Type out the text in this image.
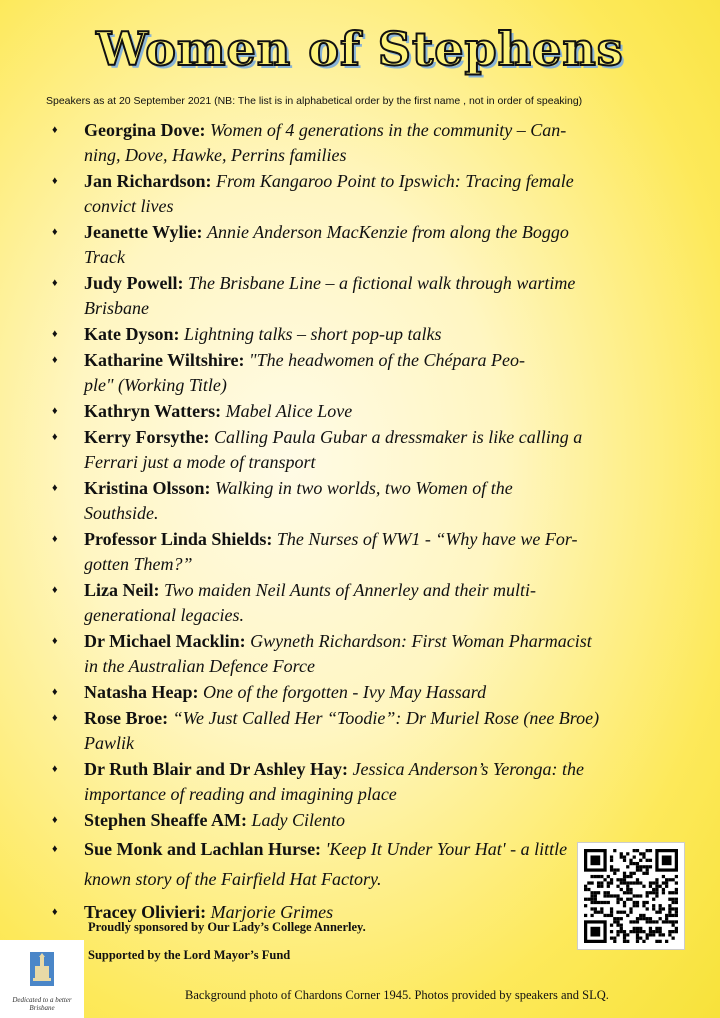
Women of Stephens
Speakers as at 20 September 2021 (NB: The list is in alphabetical order by the first name , not in order of speaking)
♦ Georgina Dove: Women of 4 generations in the community – Can-
ning, Dove, Hawke, Perrins families
♦ Jan Richardson: From Kangaroo Point to Ipswich: Tracing female
convict lives
♦ Jeanette Wylie: Annie Anderson MacKenzie from along the Boggo
Track
♦ Judy Powell: The Brisbane Line – a fictional walk through wartime
Brisbane
♦ Kate Dyson: Lightning talks – short pop-up talks
♦ Katharine Wiltshire: "The headwomen of the Chépara Peo-
ple" (Working Title)
♦ Kathryn Watters: Mabel Alice Love
♦ Kerry Forsythe: Calling Paula Gubar a dressmaker is like calling a
Ferrari just a mode of transport
♦ Kristina Olsson: Walking in two worlds, two Women of the
Southside.
♦ Professor Linda Shields: The Nurses of WW1 - “Why have we For-
gotten Them?”
♦ Liza Neil: Two maiden Neil Aunts of Annerley and their multi-
generational legacies.
♦ Dr Michael Macklin: Gwyneth Richardson: First Woman Pharmacist
in the Australian Defence Force
♦ Natasha Heap: One of the forgotten - Ivy May Hassard
♦ Rose Broe: “We Just Called Her “Toodie”: Dr Muriel Rose (nee Broe)
Pawlik
♦ Dr Ruth Blair and Dr Ashley Hay: Jessica Anderson’s Yeronga: the
importance of reading and imagining place
♦ Stephen Sheaffe AM: Lady Cilento
♦ Sue Monk and Lachlan Hurse: 'Keep It Under Your Hat' - a little
known story of the Fairfield Hat Factory.
♦ Tracey Olivieri: Marjorie Grimes
Proudly sponsored by Our Lady’s College Annerley.
Supported by the Lord Mayor’s Fund
Background photo of Chardons Corner 1945. Photos provided by speakers and SLQ.
Dedicated to a better Brisbane
